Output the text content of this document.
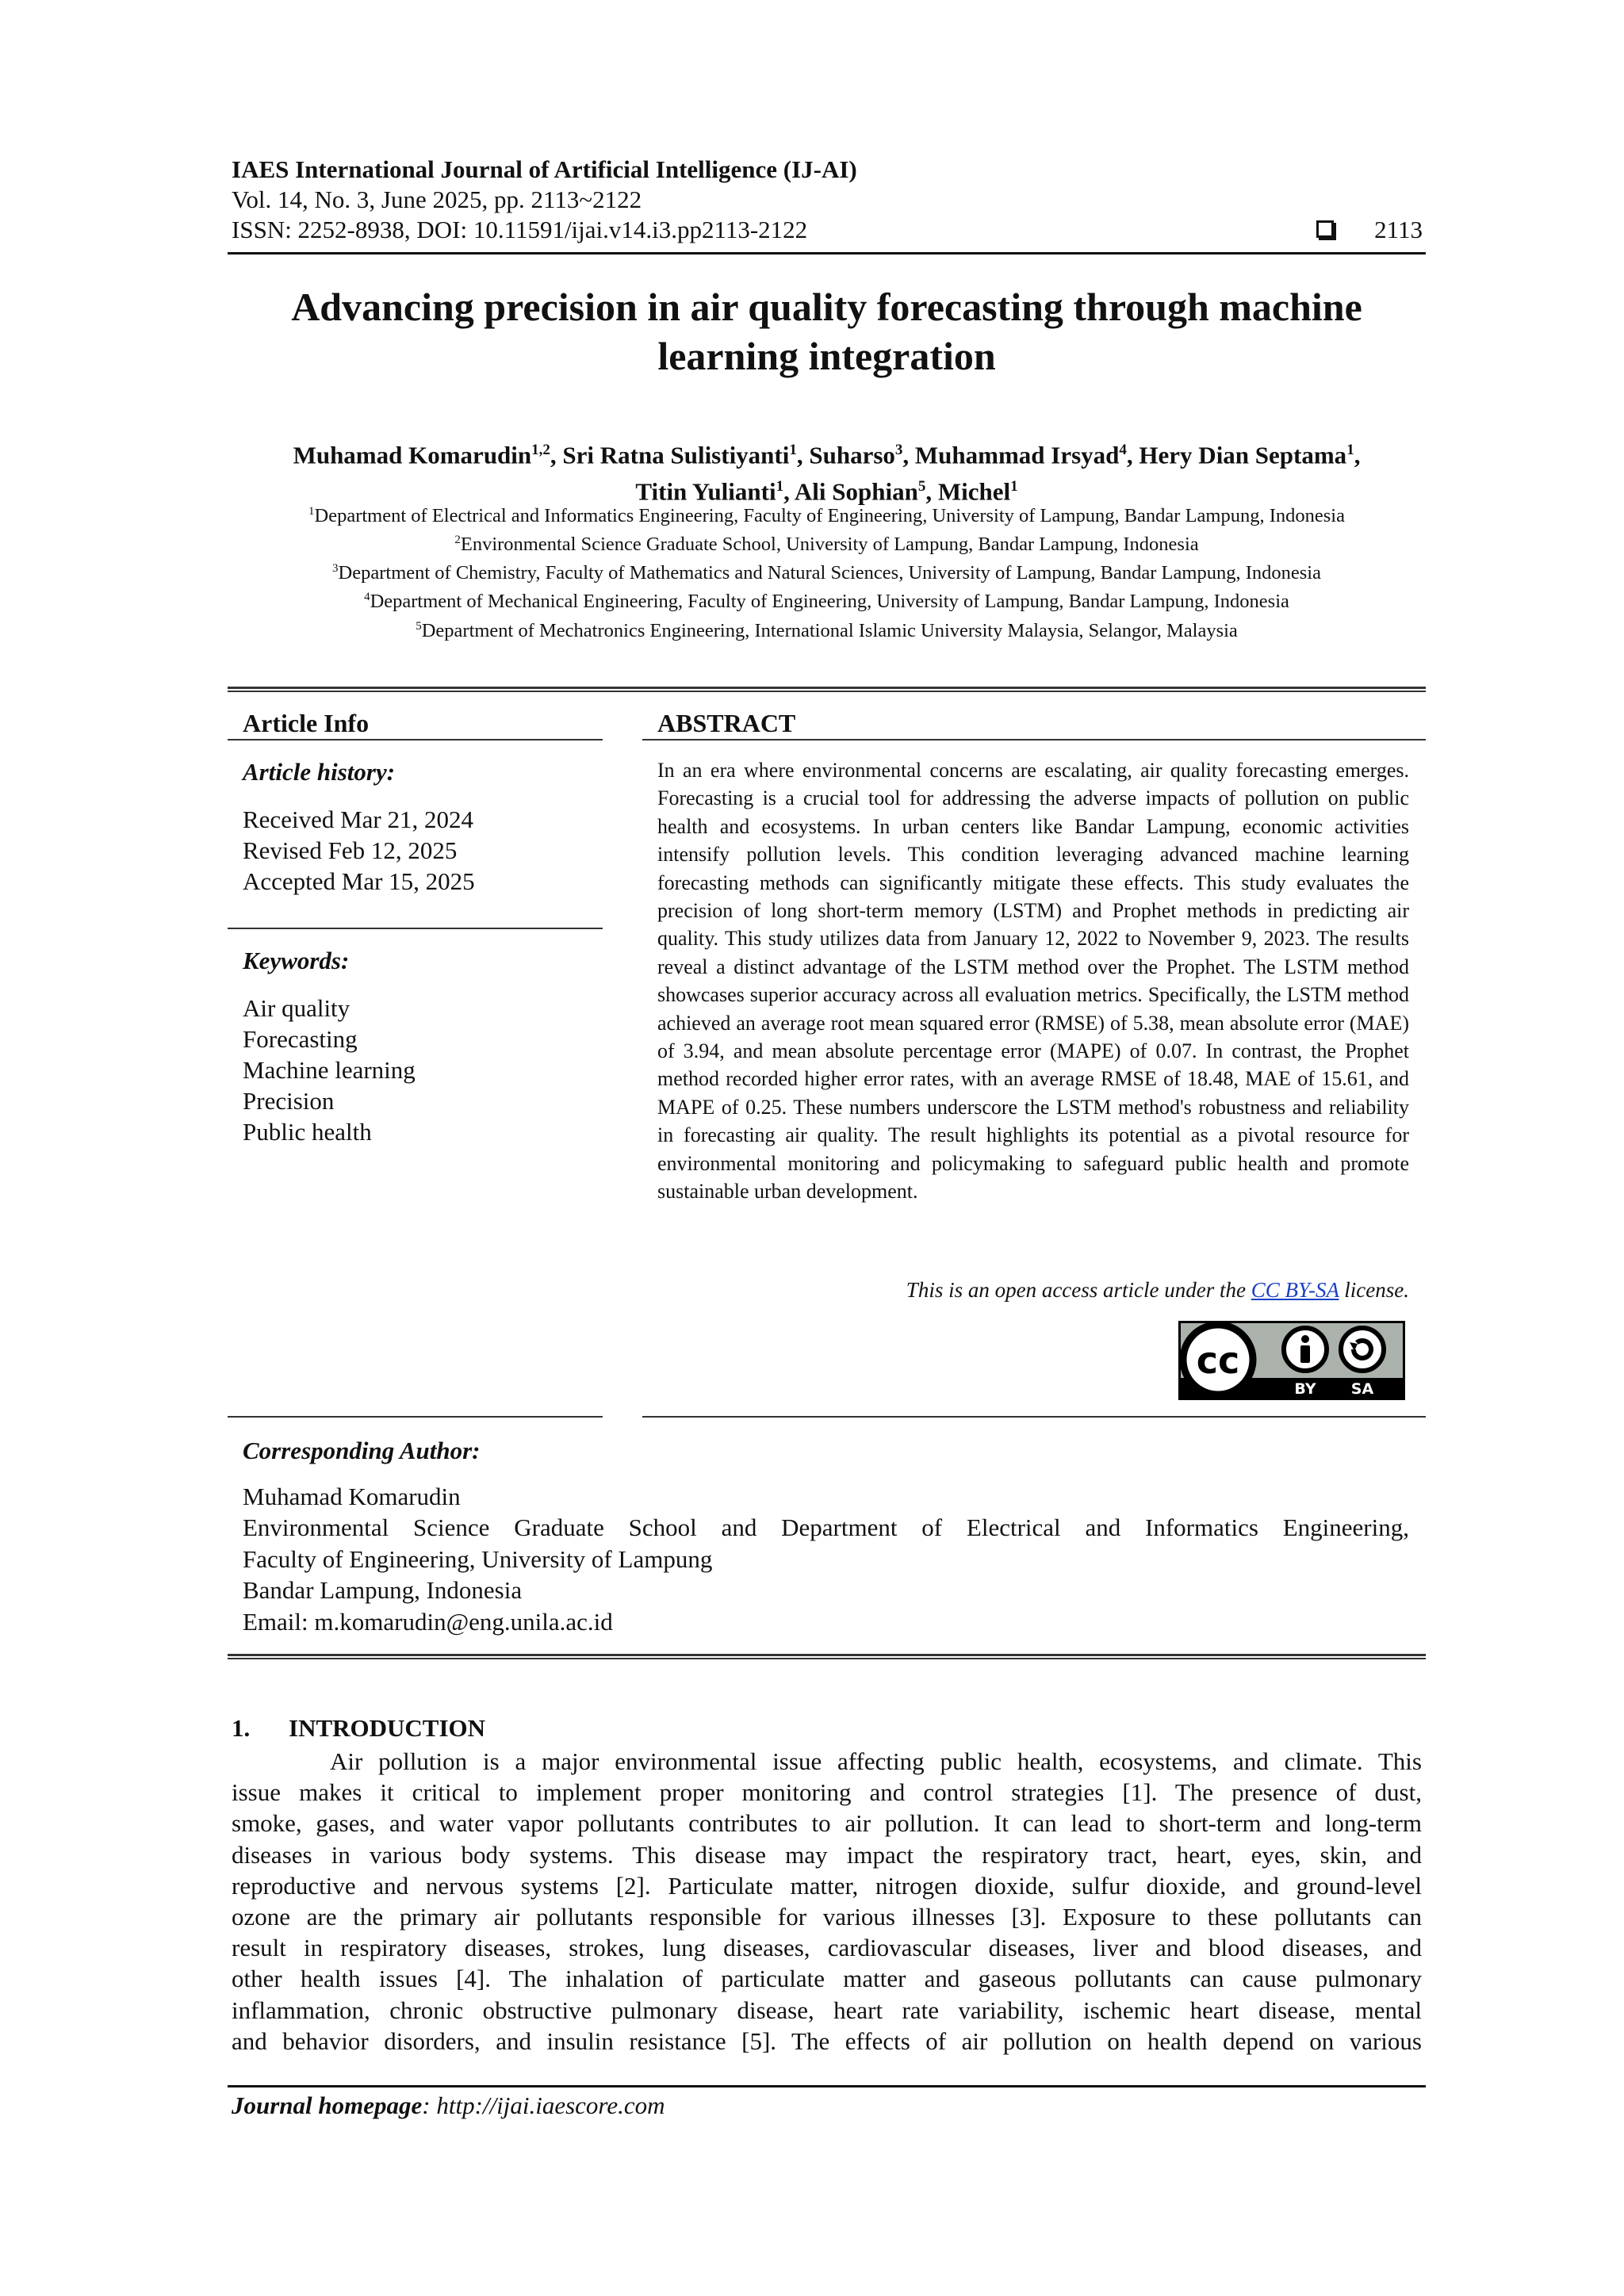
IAES International Journal of Artificial Intelligence (IJ-AI)
Vol. 14, No. 3, June 2025, pp. 2113~2122
ISSN: 2252-8938, DOI: 10.11591/ijai.v14.i3.pp2113-2122	2113
Advancing precision in air quality forecasting through machine learning integration
Muhamad Komarudin$^{1,2}$, Sri Ratna Sulistiyanti$^1$, Suharso$^3$, Muhammad Irsyad$^4$, Hery Dian Septama$^1$,
Titin Yulianti$^1$, Ali Sophian$^5$, Michel$^1$
$^1$Department of Electrical and Informatics Engineering, Faculty of Engineering, University of Lampung, Bandar Lampung, Indonesia
$^2$Environmental Science Graduate School, University of Lampung, Bandar Lampung, Indonesia
$^3$Department of Chemistry, Faculty of Mathematics and Natural Sciences, University of Lampung, Bandar Lampung, Indonesia
$^4$Department of Mechanical Engineering, Faculty of Engineering, University of Lampung, Bandar Lampung, Indonesia
$^5$Department of Mechatronics Engineering, International Islamic University Malaysia, Selangor, Malaysia
Article Info	ABSTRACT
Article history:
Received Mar 21, 2024
Revised Feb 12, 2025
Accepted Mar 15, 2025
Keywords:
Air quality
Forecasting
Machine learning
Precision
Public health
In an era where environmental concerns are escalating, air quality forecasting emerges. Forecasting is a crucial tool for addressing the adverse impacts of pollution on public health and ecosystems. In urban centers like Bandar Lampung, economic activities intensify pollution levels. This condition leveraging advanced machine learning forecasting methods can significantly mitigate these effects. This study evaluates the precision of long short-term memory (LSTM) and Prophet methods in predicting air quality. This study utilizes data from January 12, 2022 to November 9, 2023. The results reveal a distinct advantage of the LSTM method over the Prophet. The LSTM method showcases superior accuracy across all evaluation metrics. Specifically, the LSTM method achieved an average root mean squared error (RMSE) of 5.38, mean absolute error (MAE) of 3.94, and mean absolute percentage error (MAPE) of 0.07. In contrast, the Prophet method recorded higher error rates, with an average RMSE of 18.48, MAE of 15.61, and MAPE of 0.25. These numbers underscore the LSTM method's robustness and reliability in forecasting air quality. The result highlights its potential as a pivotal resource for environmental monitoring and policymaking to safeguard public health and promote sustainable urban development.
This is an open access article under the CC BY-SA license.
cc
BY SA
Corresponding Author:
Muhamad Komarudin
Environmental Science Graduate School and Department of Electrical and Informatics Engineering,
Faculty of Engineering, University of Lampung
Bandar Lampung, Indonesia
Email: m.komarudin@eng.unila.ac.id
1. INTRODUCTION
Air pollution is a major environmental issue affecting public health, ecosystems, and climate. This
issue makes it critical to implement proper monitoring and control strategies [1]. The presence of dust,
smoke, gases, and water vapor pollutants contributes to air pollution. It can lead to short-term and long-term
diseases in various body systems. This disease may impact the respiratory tract, heart, eyes, skin, and
reproductive and nervous systems [2]. Particulate matter, nitrogen dioxide, sulfur dioxide, and ground-level
ozone are the primary air pollutants responsible for various illnesses [3]. Exposure to these pollutants can
result in respiratory diseases, strokes, lung diseases, cardiovascular diseases, liver and blood diseases, and
other health issues [4]. The inhalation of particulate matter and gaseous pollutants can cause pulmonary
inflammation, chronic obstructive pulmonary disease, heart rate variability, ischemic heart disease, mental
and behavior disorders, and insulin resistance [5]. The effects of air pollution on health depend on various
Journal homepage: http://ijai.iaescore.com
